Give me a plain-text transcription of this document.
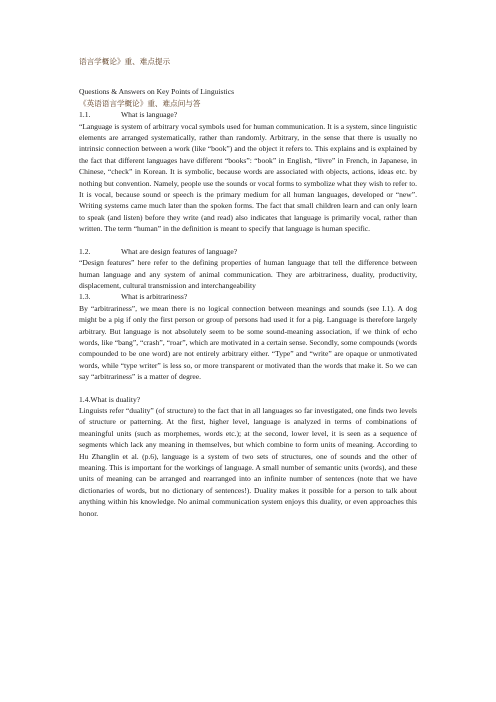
语言学概论》重、难点提示

Questions & Answers on Key Points of Linguistics

《英语语言学概论》重、难点问与答

1.1.	What is language?

“Language is system of arbitrary vocal symbols used for human communication. It is a system, since linguistic elements are arranged systematically, rather than randomly. Arbitrary, in the sense that there is usually no intrinsic connection between a work (like “book”) and the object it refers to. This explains and is explained by the fact that different languages have different “books”: “book” in English, “livre” in French, in Japanese, in Chinese, “check” in Korean. It is symbolic, because words are associated with objects, actions, ideas etc. by nothing but convention. Namely, people use the sounds or vocal forms to symbolize what they wish to refer to. It is vocal, because sound or speech is the primary medium for all human languages, developed or “new”. Writing systems came much later than the spoken forms. The fact that small children learn and can only learn to speak (and listen) before they write (and read) also indicates that language is primarily vocal, rather than written. The term “human” in the definition is meant to specify that language is human specific.

1.2.	What are design features of language?

“Design features” here refer to the defining properties of human language that tell the difference between human language and any system of animal communication. They are arbitrariness, duality, productivity, displacement, cultural transmission and interchangeability

1.3.	What is arbitrariness?

By “arbitrariness”, we mean there is no logical connection between meanings and sounds (see I.1). A dog might be a pig if only the first person or group of persons had used it for a pig. Language is therefore largely arbitrary. But language is not absolutely seem to be some sound-meaning association, if we think of echo words, like “bang”, “crash”, “roar”, which are motivated in a certain sense. Secondly, some compounds (words compounded to be one word) are not entirely arbitrary either. “Type” and “write” are opaque or unmotivated words, while “type writer” is less so, or more transparent or motivated than the words that make it. So we can say “arbitrariness” is a matter of degree.

1.4.What is duality?

Linguists refer “duality” (of structure) to the fact that in all languages so far investigated, one finds two levels of structure or patterning. At the first, higher level, language is analyzed in terms of combinations of meaningful units (such as morphemes, words etc.); at the second, lower level, it is seen as a sequence of segments which lack any meaning in themselves, but which combine to form units of meaning. According to Hu Zhanglin et al. (p.6), language is a system of two sets of structures, one of sounds and the other of meaning. This is important for the workings of language. A small number of semantic units (words), and these units of meaning can be arranged and rearranged into an infinite number of sentences (note that we have dictionaries of words, but no dictionary of sentences!). Duality makes it possible for a person to talk about anything within his knowledge. No animal communication system enjoys this duality, or even approaches this honor.
